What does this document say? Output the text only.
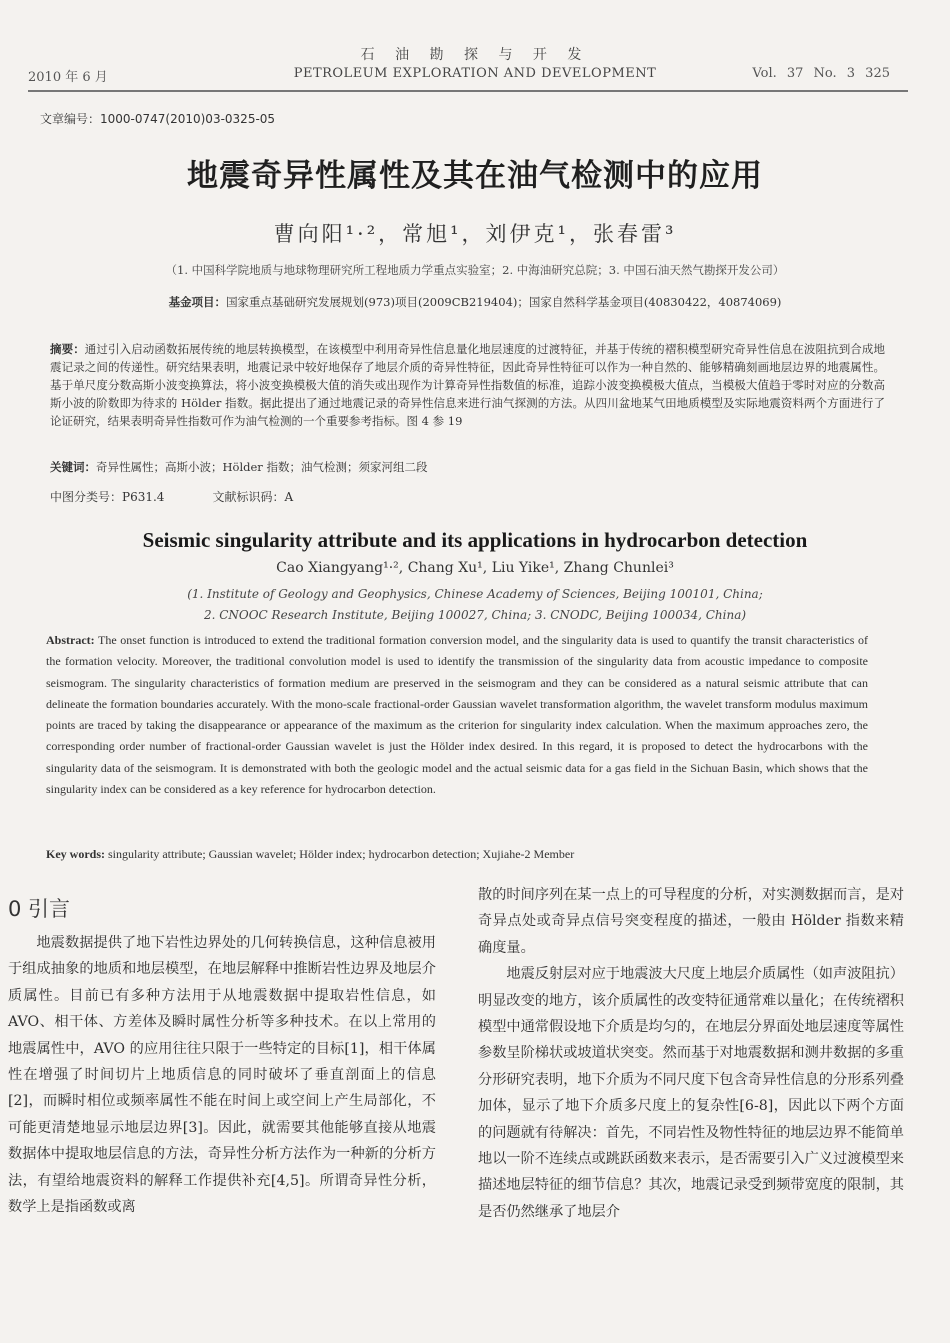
2010 年 6 月
石 油 勘 探 与 开 发
PETROLEUM EXPLORATION AND DEVELOPMENT	Vol. 37 No. 3 325
文章编号：1000-0747(2010)03-0325-05
地震奇异性属性及其在油气检测中的应用
曹向阳¹·²，常旭¹，刘伊克¹，张春雷³
（1. 中国科学院地质与地球物理研究所工程地质力学重点实验室；2. 中海油研究总院；3. 中国石油天然气勘探开发公司）
基金项目：国家重点基础研究发展规划(973)项目(2009CB219404)；国家自然科学基金项目(40830422，40874069)
摘要：通过引入启动函数拓展传统的地层转换模型，在该模型中利用奇异性信息量化地层速度的过渡特征，并基于传统的褶积模型研究奇异性信息在波阻抗到合成地震记录之间的传递性。研究结果表明，地震记录中较好地保存了地层介质的奇异性特征，因此奇异性特征可以作为一种自然的、能够精确刻画地层边界的地震属性。基于单尺度分数高斯小波变换算法，将小波变换模极大值的消失或出现作为计算奇异性指数值的标准，追踪小波变换模极大值点，当模极大值趋于零时对应的分数高斯小波的阶数即为待求的 Hölder 指数。据此提出了通过地震记录的奇异性信息来进行油气探测的方法。从四川盆地某气田地质模型及实际地震资料两个方面进行了论证研究，结果表明奇异性指数可作为油气检测的一个重要参考指标。图 4 参 19
关键词：奇异性属性；高斯小波；Hölder 指数；油气检测；须家河组二段
中图分类号：P631.4	文献标识码：A
Seismic singularity attribute and its applications in hydrocarbon detection
Cao Xiangyang¹·², Chang Xu¹, Liu Yike¹, Zhang Chunlei³
(1. Institute of Geology and Geophysics, Chinese Academy of Sciences, Beijing 100101, China;
2. CNOOC Research Institute, Beijing 100027, China; 3. CNODC, Beijing 100034, China)
Abstract: The onset function is introduced to extend the traditional formation conversion model, and the singularity data is used to quantify the transit characteristics of the formation velocity. Moreover, the traditional convolution model is used to identify the transmission of the singularity data from acoustic impedance to composite seismogram. The singularity characteristics of formation medium are preserved in the seismogram and they can be considered as a natural seismic attribute that can delineate the formation boundaries accurately. With the mono-scale fractional-order Gaussian wavelet transformation algorithm, the wavelet transform modulus maximum points are traced by taking the disappearance or appearance of the maximum as the criterion for singularity index calculation. When the maximum approaches zero, the corresponding order number of fractional-order Gaussian wavelet is just the Hölder index desired. In this regard, it is proposed to detect the hydrocarbons with the singularity data of the seismogram. It is demonstrated with both the geologic model and the actual seismic data for a gas field in the Sichuan Basin, which shows that the singularity index can be considered as a key reference for hydrocarbon detection.
Key words: singularity attribute; Gaussian wavelet; Hölder index; hydrocarbon detection; Xujiahe-2 Member
0 引言

地震数据提供了地下岩性边界处的几何转换信息，这种信息被用于组成抽象的地质和地层模型，在地层解释中推断岩性边界及地层介质属性。目前已有多种方法用于从地震数据中提取岩性信息，如 AVO、相干体、方差体及瞬时属性分析等多种技术。在以上常用的地震属性中，AVO 的应用往往只限于一些特定的目标[1]，相干体属性在增强了时间切片上地质信息的同时破坏了垂直剖面上的信息[2]，而瞬时相位或频率属性不能在时间上或空间上产生局部化，不可能更清楚地显示地层边界[3]。因此，就需要其他能够直接从地震数据体中提取地层信息的方法，奇异性分析方法作为一种新的分析方法，有望给地震资料的解释工作提供补充[4,5]。所谓奇异性分析，数学上是指函数或离

散的时间序列在某一点上的可导程度的分析，对实测数据而言，是对奇异点处或奇异点信号突变程度的描述，一般由 Hölder 指数来精确度量。

地震反射层对应于地震波大尺度上地层介质属性（如声波阻抗）明显改变的地方，该介质属性的改变特征通常难以量化；在传统褶积模型中通常假设地下介质是均匀的，在地层分界面处地层速度等属性参数呈阶梯状或坡道状突变。然而基于对地震数据和测井数据的多重分形研究表明，地下介质为不同尺度下包含奇异性信息的分形系列叠加体，显示了地下介质多尺度上的复杂性[6-8]，因此以下两个方面的问题就有待解决：首先，不同岩性及物性特征的地层边界不能简单地以一阶不连续点或跳跃函数来表示，是否需要引入广义过渡模型来描述地层特征的细节信息？其次，地震记录受到频带宽度的限制，其是否仍然继承了地层介
